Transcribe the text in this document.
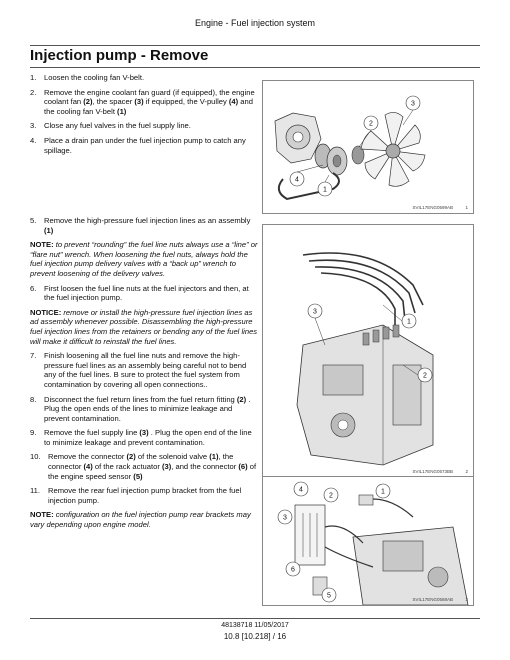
Engine - Fuel injection system
Injection pump - Remove
1. Loosen the cooling fan V-belt.
2. Remove the engine coolant fan guard (if equipped), the engine coolant fan (2), the spacer (3) if equipped, the V-pulley (4) and the cooling fan V-belt (1)
3. Close any fuel valves in the fuel supply line.
4. Place a drain pan under the fuel injection pump to catch any spillage.
5. Remove the high-pressure fuel injection lines as an assembly (1)
NOTE: to prevent “rounding” the fuel line nuts always use a “line” or “flare nut” wrench. When loosening the fuel nuts, always hold the fuel injection pump delivery valves with a “back up” wrench to prevent loosening of the delivery valves.
6. First loosen the fuel line nuts at the fuel injectors and then, at the fuel injection pump.
NOTICE: remove or install the high-pressure fuel injection lines as ad assembly whenever possible. Disassembling the high-pressure fuel injection lines from the retainers or bending any of the fuel lines will make it difficult to reinstall the fuel lines.
7. Finish loosening all the fuel line nuts and remove the high-pressure fuel lines as an assembly being careful not to bend any of the fuel lines. B sure to protect the fuel system from contamination by covering all open connections..
8. Disconnect the fuel return lines from the fuel return fitting (2) . Plug the open ends of the lines to minimize leakage and prevent contamination.
9. Remove the fuel supply line (3) . Plug the open end of the line to minimize leakage and prevent contamination.
10. Remove the connector (2) of the solenoid valve (1), the connector (4) of the rack actuator (3), and the connector (6) of the engine speed sensor (5)
11. Remove the rear fuel injection pump bracket from the fuel injection pump.
NOTE: configuration on the fuel injection pump rear brackets may vary depending upon engine model.
3
2
4
1
SVIL17ENG0599AB	1
3
1
2
SVIL17ENG0573BB	2
4
2
1
3
6
5	SVIL17ENG0588AB	3
48138718 11/05/2017
10.8 [10.218] / 16
